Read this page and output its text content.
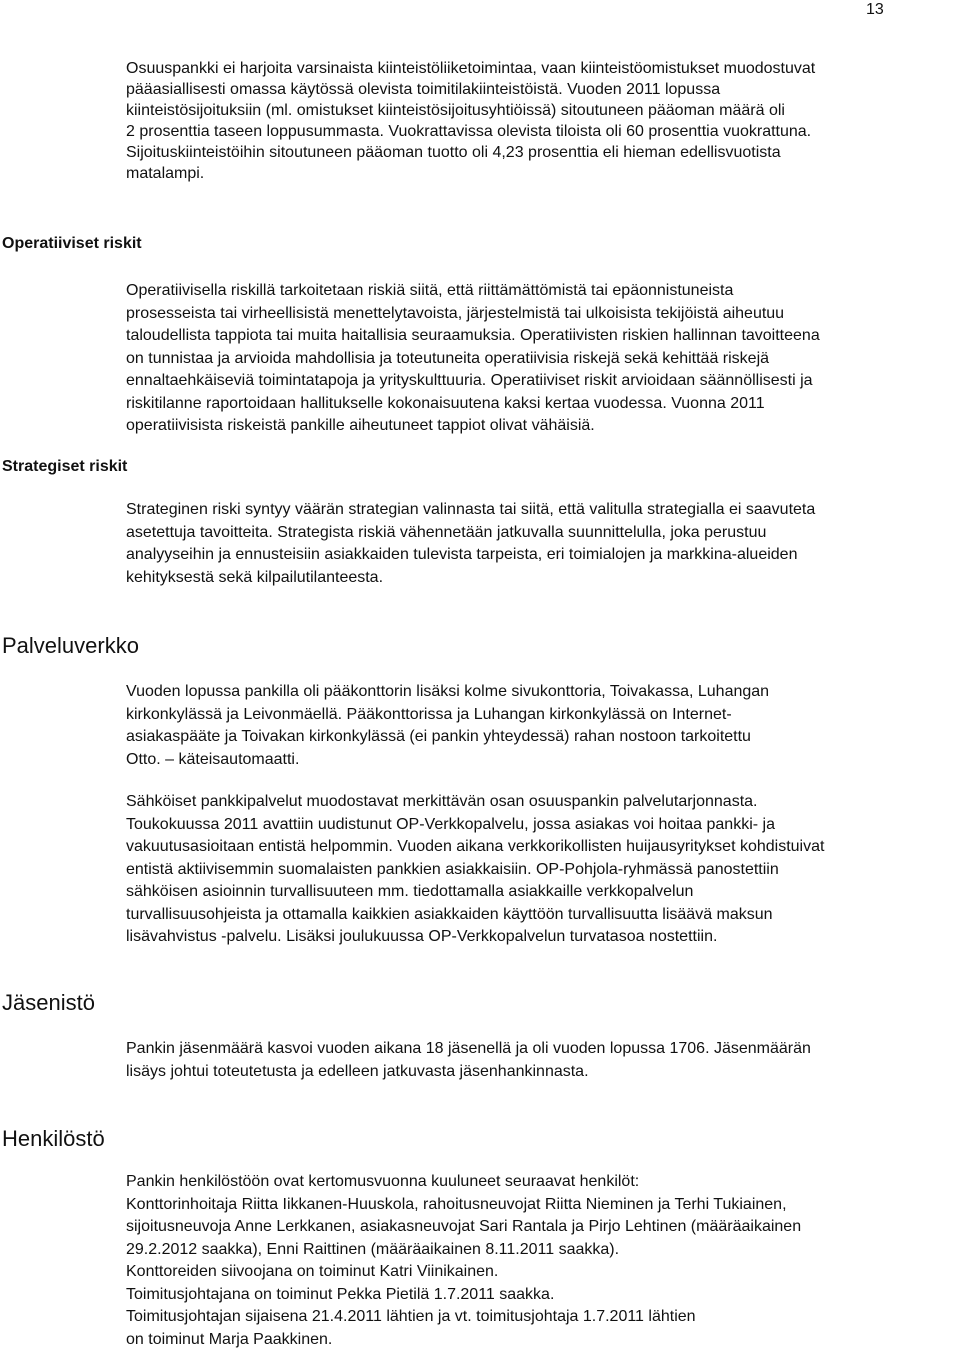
13
Osuuspankki ei harjoita varsinaista kiinteistöliiketoimintaa, vaan kiinteistöomistukset muodostuvat
pääasiallisesti omassa käytössä olevista toimitilakiinteistöistä. Vuoden 2011 lopussa
kiinteistösijoituksiin (ml. omistukset kiinteistösijoitusyhtiöissä) sitoutuneen pääoman määrä oli
2 prosenttia taseen loppusummasta. Vuokrattavissa olevista tiloista oli 60 prosenttia vuokrattuna.
Sijoituskiinteistöihin sitoutuneen pääoman tuotto oli 4,23 prosenttia eli hieman edellisvuotista
matalampi.
Operatiiviset riskit
Operatiivisella riskillä tarkoitetaan riskiä siitä, että riittämättömistä tai epäonnistuneista
prosesseista tai virheellisistä menettelytavoista, järjestelmistä tai ulkoisista tekijöistä aiheutuu
taloudellista tappiota tai muita haitallisia seuraamuksia. Operatiivisten riskien hallinnan tavoitteena
on tunnistaa ja arvioida mahdollisia ja toteutuneita operatiivisia riskejä sekä kehittää riskejä
ennaltaehkäiseviä toimintatapoja ja yrityskulttuuria. Operatiiviset riskit arvioidaan säännöllisesti ja
riskitilanne raportoidaan hallitukselle kokonaisuutena kaksi kertaa vuodessa. Vuonna 2011
operatiivisista riskeistä pankille aiheutuneet tappiot olivat vähäisiä.
Strategiset riskit
Strateginen riski syntyy väärän strategian valinnasta tai siitä, että valitulla strategialla ei saavuteta
asetettuja tavoitteita. Strategista riskiä vähennetään jatkuvalla suunnittelulla, joka perustuu
analyyseihin ja ennusteisiin asiakkaiden tulevista tarpeista, eri toimialojen ja markkina-alueiden
kehityksestä sekä kilpailutilanteesta.
Palveluverkko
Vuoden lopussa pankilla oli pääkonttorin lisäksi kolme sivukonttoria, Toivakassa, Luhangan
kirkonkylässä ja Leivonmäellä. Pääkonttorissa ja Luhangan kirkonkylässä on Internet-
asiakaspääte ja Toivakan kirkonkylässä (ei pankin yhteydessä) rahan nostoon tarkoitettu
Otto. – käteisautomaatti.
Sähköiset pankkipalvelut muodostavat merkittävän osan osuuspankin palvelutarjonnasta.
Toukokuussa 2011 avattiin uudistunut OP-Verkkopalvelu, jossa asiakas voi hoitaa pankki- ja
vakuutusasioitaan entistä helpommin. Vuoden aikana verkkorikollisten huijausyritykset kohdistuivat
entistä aktiivisemmin suomalaisten pankkien asiakkaisiin. OP-Pohjola-ryhmässä panostettiin
sähköisen asioinnin turvallisuuteen mm. tiedottamalla asiakkaille verkkopalvelun
turvallisuusohjeista ja ottamalla kaikkien asiakkaiden käyttöön turvallisuutta lisäävä maksun
lisävahvistus -palvelu. Lisäksi joulukuussa OP-Verkkopalvelun turvatasoa nostettiin.
Jäsenistö
Pankin jäsenmäärä kasvoi vuoden aikana 18 jäsenellä ja oli vuoden lopussa 1706. Jäsenmäärän
lisäys johtui toteutetusta ja edelleen jatkuvasta jäsenhankinnasta.
Henkilöstö
Pankin henkilöstöön ovat kertomusvuonna kuuluneet seuraavat henkilöt:
Konttorinhoitaja Riitta Iikkanen-Huuskola, rahoitusneuvojat Riitta Nieminen ja Terhi Tukiainen,
sijoitusneuvoja Anne Lerkkanen, asiakasneuvojat Sari Rantala ja Pirjo Lehtinen (määräaikainen
29.2.2012 saakka), Enni Raittinen (määräaikainen 8.11.2011 saakka).
Konttoreiden siivoojana on toiminut Katri Viinikainen.
Toimitusjohtajana on toiminut Pekka Pietilä 1.7.2011 saakka.
Toimitusjohtajan sijaisena 21.4.2011 lähtien ja vt. toimitusjohtaja 1.7.2011 lähtien
on toiminut Marja Paakkinen.
